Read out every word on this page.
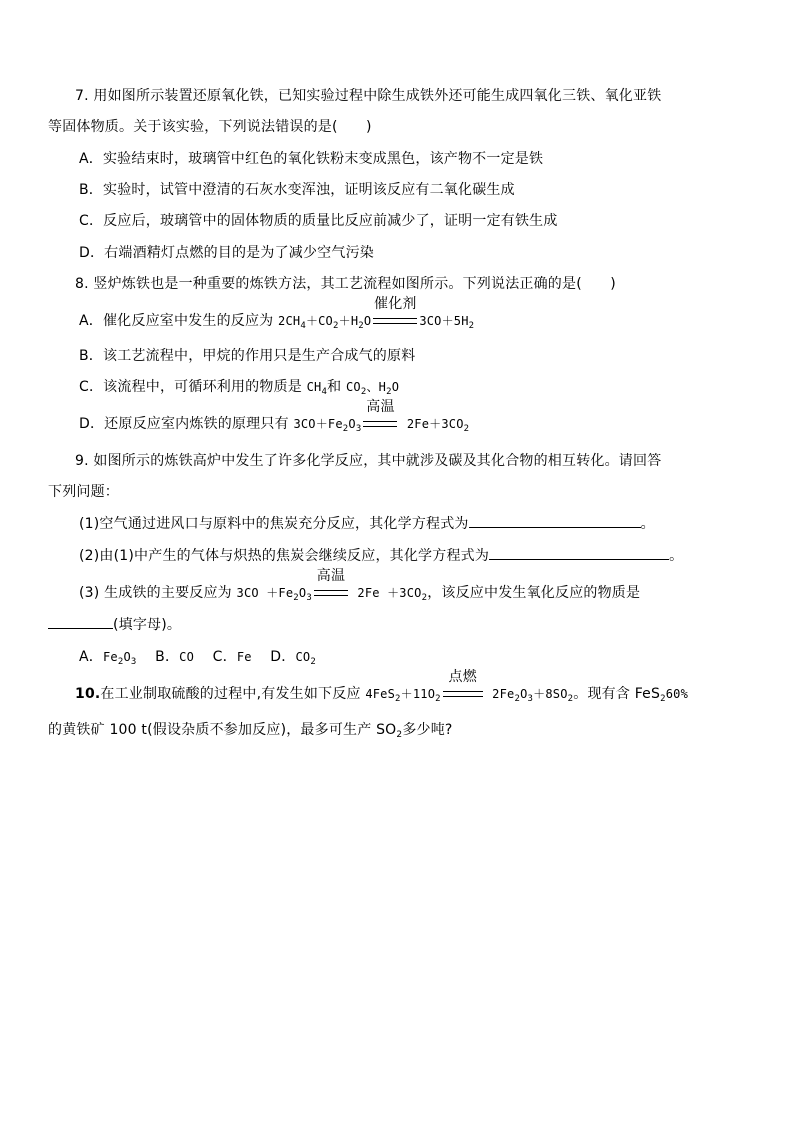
7. 用如图所示装置还原氧化铁，已知实验过程中除生成铁外还可能生成四氧化三铁、氧化亚铁
等固体物质。关于该实验，下列说法错误的是(　　)
A．实验结束时，玻璃管中红色的氧化铁粉末变成黑色，该产物不一定是铁
B．实验时，试管中澄清的石灰水变浑浊，证明该反应有二氧化碳生成
C．反应后，玻璃管中的固体物质的质量比反应前减少了，证明一定有铁生成
D．右端酒精灯点燃的目的是为了减少空气污染
8. 竖炉炼铁也是一种重要的炼铁方法，其工艺流程如图所示。下列说法正确的是(　　)
A．催化反应室中发生的反应为 $2CH_4+CO_2+H_2O$
催化剂
$3CO+5H_2$
B．该工艺流程中，甲烷的作用只是生产合成气的原料
C．该流程中，可循环利用的物质是 $CH_4$和 $CO_2$、$H_2O$
D．还原反应室内炼铁的原理只有 $3CO+Fe_2O_3$
高温
$2Fe+3CO_2$
9. 如图所示的炼铁高炉中发生了许多化学反应，其中就涉及碳及其化合物的相互转化。请回答
下列问题：
(1)空气通过进风口与原料中的焦炭充分反应，其化学方程式为	。
(2)由(1)中产生的气体与炽热的焦炭会继续反应，其化学方程式为	。
(3) 生成铁的主要反应为 $3CO +Fe_2O_3$
高温
$2Fe +3CO_2$，该反应中发生氧化反应的物质是
(填字母)。
A．$Fe_2O_3$ B．CO C．Fe D．$CO_2$
10.在工业制取硫酸的过程中,有发生如下反应 $4FeS_2+11O_2$
点燃
$2Fe_2O_3+8SO_2$。现有含 FeS$_2$60%
的黄铁矿 100 t(假设杂质不参加反应)，最多可生产 $SO_2$多少吨?
